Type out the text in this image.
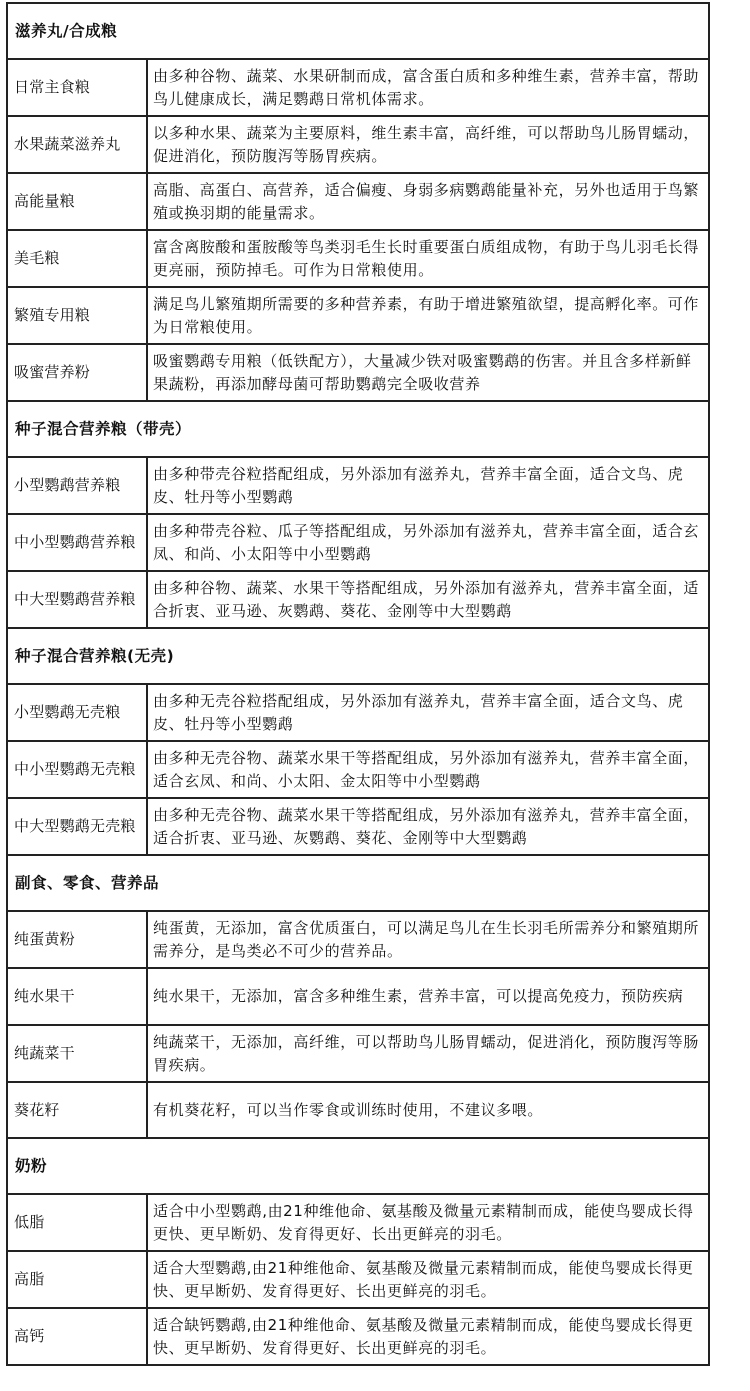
滋养丸/合成粮	
日常主食粮	由多种谷物、蔬菜、水果研制而成，富含蛋白质和多种维生素，营养丰富，帮助鸟儿健康成长，满足鹦鹉日常机体需求。
水果蔬菜滋养丸	以多种水果、蔬菜为主要原料，维生素丰富，高纤维，可以帮助鸟儿肠胃蠕动，促进消化，预防腹泻等肠胃疾病。
高能量粮	高脂、高蛋白、高营养，适合偏瘦、身弱多病鹦鹉能量补充，另外也适用于鸟繁殖或换羽期的能量需求。
美毛粮	富含离胺酸和蛋胺酸等鸟类羽毛生长时重要蛋白质组成物，有助于鸟儿羽毛长得更亮丽，预防掉毛。可作为日常粮使用。
繁殖专用粮	满足鸟儿繁殖期所需要的多种营养素，有助于增进繁殖欲望，提高孵化率。可作为日常粮使用。
吸蜜营养粉	吸蜜鹦鹉专用粮（低铁配方），大量减少铁对吸蜜鹦鹉的伤害。并且含多样新鲜果蔬粉，再添加酵母菌可帮助鹦鹉完全吸收营养
种子混合营养粮（带壳）	
小型鹦鹉营养粮	由多种带壳谷粒搭配组成，另外添加有滋养丸，营养丰富全面，适合文鸟、虎皮、牡丹等小型鹦鹉
中小型鹦鹉营养粮	由多种带壳谷粒、瓜子等搭配组成，另外添加有滋养丸，营养丰富全面，适合玄凤、和尚、小太阳等中小型鹦鹉
中大型鹦鹉营养粮	由多种谷物、蔬菜、水果干等搭配组成，另外添加有滋养丸，营养丰富全面，适合折衷、亚马逊、灰鹦鹉、葵花、金刚等中大型鹦鹉
种子混合营养粮(无壳)	
小型鹦鹉无壳粮	由多种无壳谷粒搭配组成，另外添加有滋养丸，营养丰富全面，适合文鸟、虎皮、牡丹等小型鹦鹉
中小型鹦鹉无壳粮	由多种无壳谷物、蔬菜水果干等搭配组成，另外添加有滋养丸，营养丰富全面，适合玄凤、和尚、小太阳、金太阳等中小型鹦鹉
中大型鹦鹉无壳粮	由多种无壳谷物、蔬菜水果干等搭配组成，另外添加有滋养丸，营养丰富全面，适合折衷、亚马逊、灰鹦鹉、葵花、金刚等中大型鹦鹉
副食、零食、营养品	
纯蛋黄粉	纯蛋黄，无添加，富含优质蛋白，可以满足鸟儿在生长羽毛所需养分和繁殖期所需养分，是鸟类必不可少的营养品。
纯水果干	纯水果干，无添加，富含多种维生素，营养丰富，可以提高免疫力，预防疾病
纯蔬菜干	纯蔬菜干，无添加，高纤维，可以帮助鸟儿肠胃蠕动，促进消化，预防腹泻等肠胃疾病。
葵花籽	有机葵花籽，可以当作零食或训练时使用，不建议多喂。
奶粉	
低脂	适合中小型鹦鹉,由21种维他命、氨基酸及微量元素精制而成，能使鸟婴成长得更快、更早断奶、发育得更好、长出更鲜亮的羽毛。
高脂	适合大型鹦鹉,由21种维他命、氨基酸及微量元素精制而成，能使鸟婴成长得更快、更早断奶、发育得更好、长出更鲜亮的羽毛。
高钙	适合缺钙鹦鹉,由21种维他命、氨基酸及微量元素精制而成，能使鸟婴成长得更快、更早断奶、发育得更好、长出更鲜亮的羽毛。
